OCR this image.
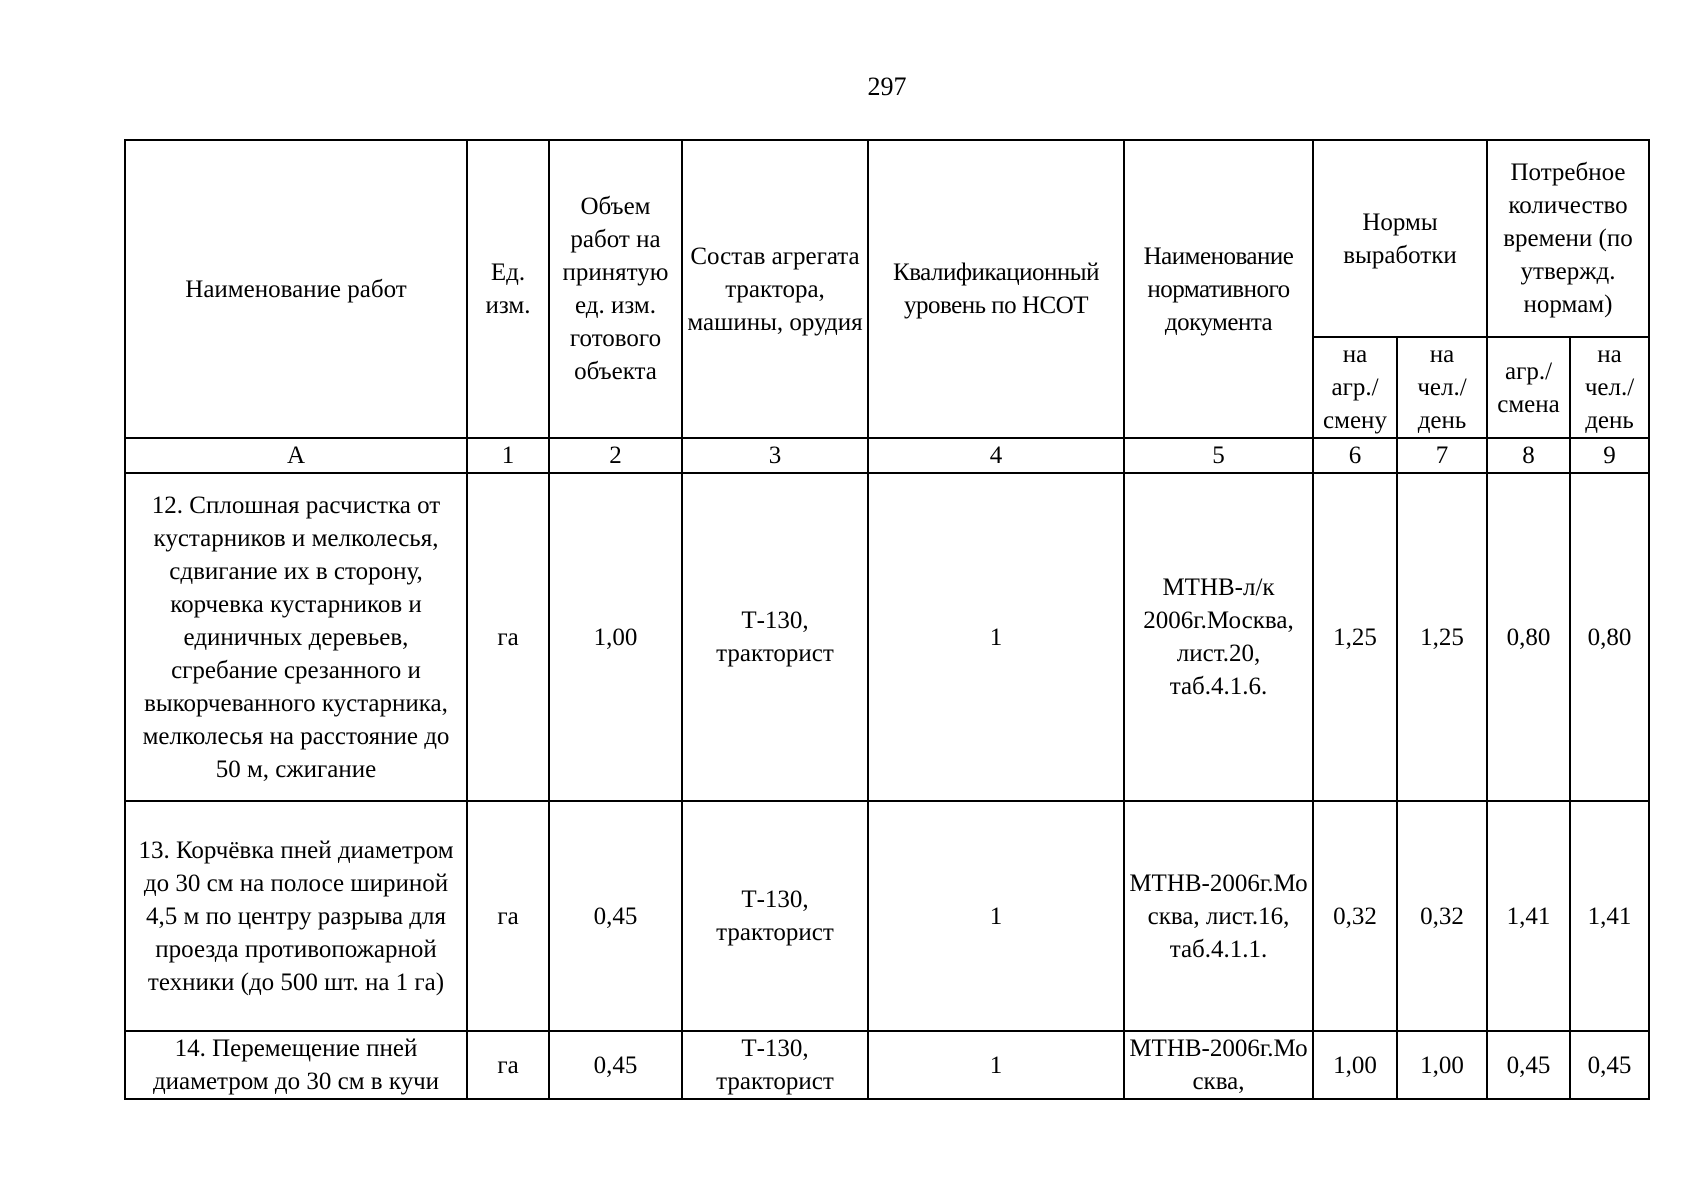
297
Наименование работ	Ед. изм.	Объем работ на принятую ед. изм. готового объекта	Состав агрегата трактора, машины, орудия	Квалификационный уровень по НСОТ	Наименование нормативного документа	Нормы выработки		Потребное количество времени (по утвержд. нормам)	
						на агр./ смену	на чел./ день	агр./ смена	на чел./ день
А	1	2	3	4	5	6	7	8	9
12. Сплошная расчистка от кустарников и мелколесья, сдвигание их в сторону, корчевка кустарников и единичных деревьев, сгребание срезанного и выкорчеванного кустарника, мелколесья на расстояние до 50 м, сжигание	га	1,00	Т-130, тракторист	1	МТНВ-л/к 2006г.Москва, лист.20, таб.4.1.6.	1,25	1,25	0,80	0,80
13. Корчёвка пней диаметром до 30 см на полосе шириной 4,5 м по центру разрыва для проезда противопожарной техники (до 500 шт. на 1 га)	га	0,45	Т-130, тракторист	1	МТНВ-2006г.Москва, лист.16, таб.4.1.1.	0,32	0,32	1,41	1,41
14. Перемещение пней диаметром до 30 см в кучи	га	0,45	Т-130, тракторист	1	МТНВ-2006г.Москва,	1,00	1,00	0,45	0,45
